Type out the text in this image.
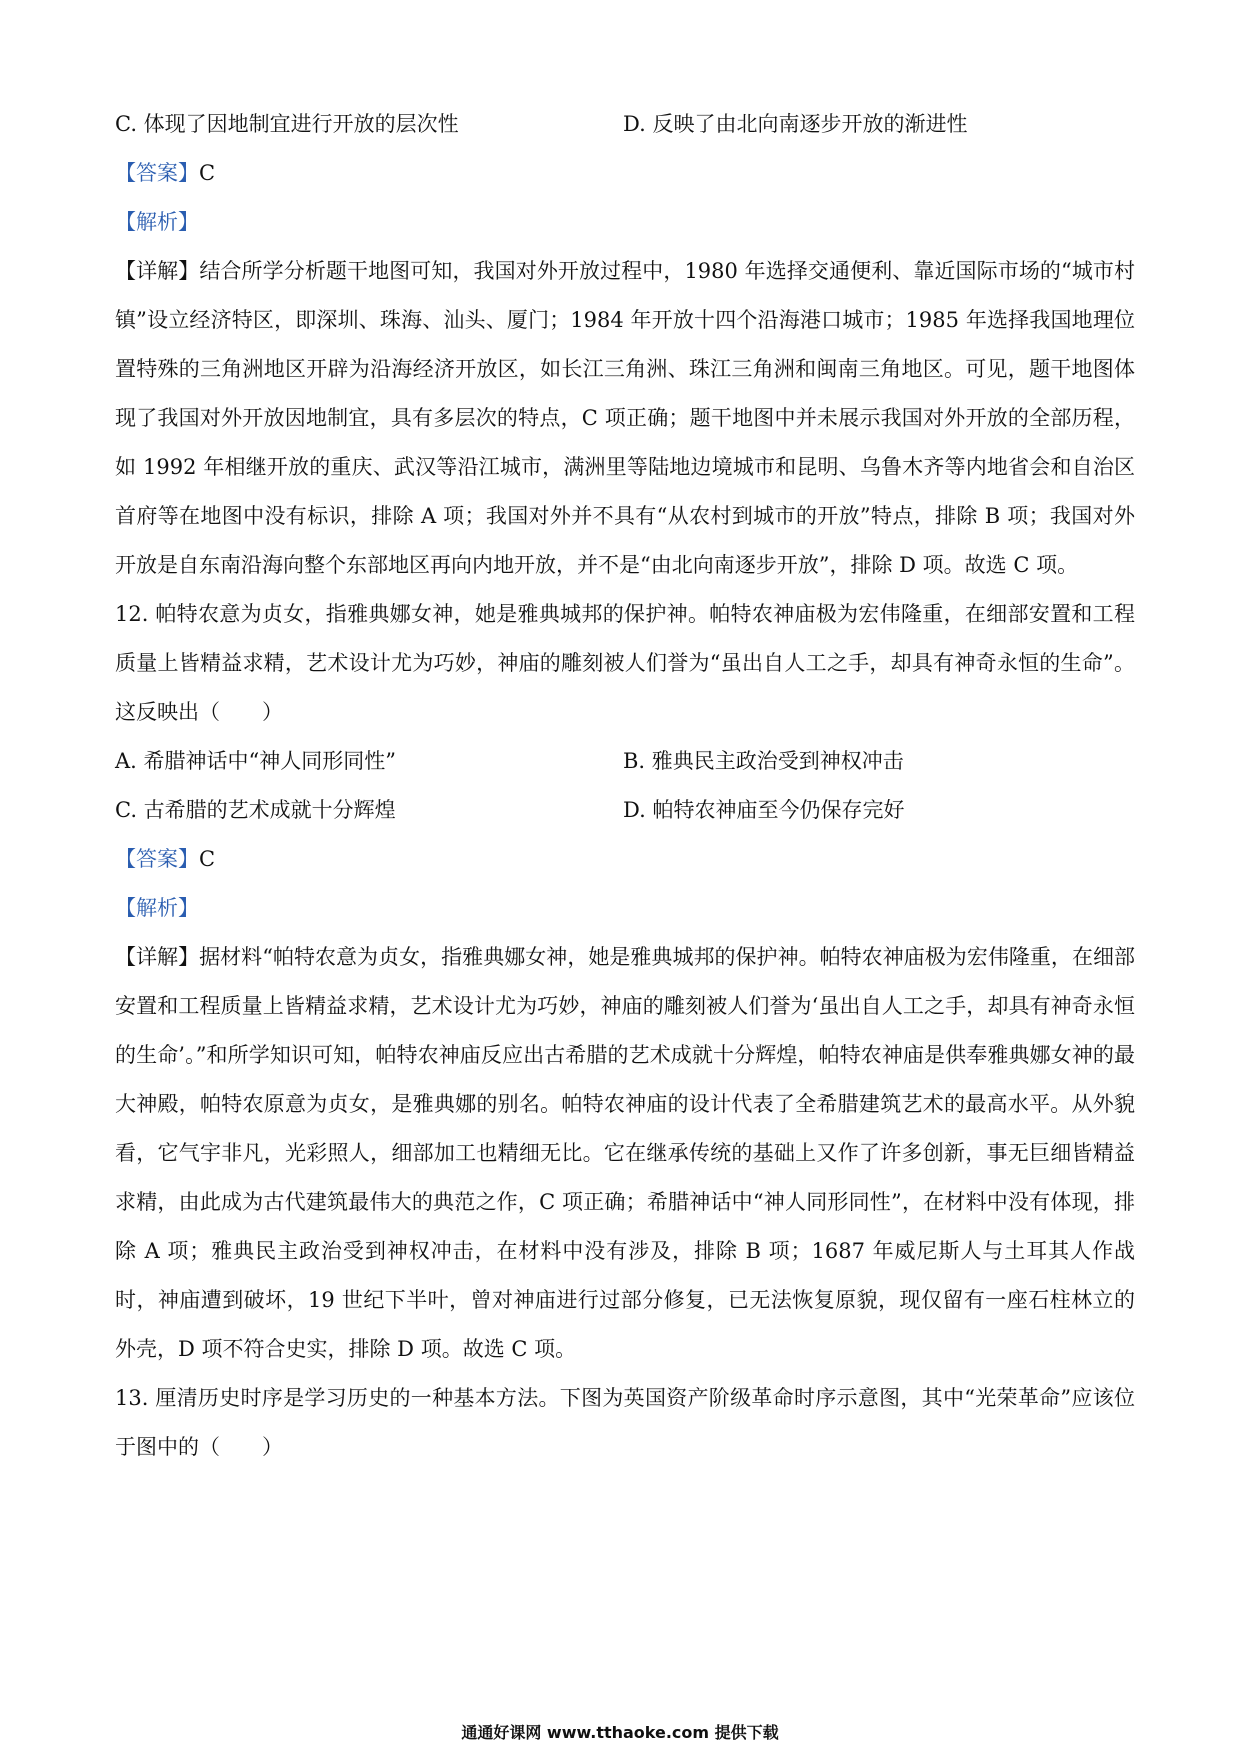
C. 体现了因地制宜进行开放的层次性	D. 反映了由北向南逐步开放的渐进性
【答案】C
【解析】
【详解】结合所学分析题干地图可知，我国对外开放过程中，1980 年选择交通便利、靠近国际市场的“城市村镇”设立经济特区，即深圳、珠海、汕头、厦门；1984 年开放十四个沿海港口城市；1985 年选择我国地理位置特殊的三角洲地区开辟为沿海经济开放区，如长江三角洲、珠江三角洲和闽南三角地区。可见，题干地图体现了我国对外开放因地制宜，具有多层次的特点，C 项正确；题干地图中并未展示我国对外开放的全部历程，如 1992 年相继开放的重庆、武汉等沿江城市，满洲里等陆地边境城市和昆明、乌鲁木齐等内地省会和自治区首府等在地图中没有标识，排除 A 项；我国对外并不具有“从农村到城市的开放”特点，排除 B 项；我国对外开放是自东南沿海向整个东部地区再向内地开放，并不是“由北向南逐步开放”，排除 D 项。故选 C 项。
12. 帕特农意为贞女，指雅典娜女神，她是雅典城邦的保护神。帕特农神庙极为宏伟隆重，在细部安置和工程质量上皆精益求精，艺术设计尤为巧妙，神庙的雕刻被人们誉为“虽出自人工之手，却具有神奇永恒的生命”。这反映出（　　）
A. 希腊神话中“神人同形同性”	B. 雅典民主政治受到神权冲击
C. 古希腊的艺术成就十分辉煌	D. 帕特农神庙至今仍保存完好
【答案】C
【解析】
【详解】据材料“帕特农意为贞女，指雅典娜女神，她是雅典城邦的保护神。帕特农神庙极为宏伟隆重，在细部安置和工程质量上皆精益求精，艺术设计尤为巧妙，神庙的雕刻被人们誉为‘虽出自人工之手，却具有神奇永恒的生命’。”和所学知识可知，帕特农神庙反应出古希腊的艺术成就十分辉煌，帕特农神庙是供奉雅典娜女神的最大神殿，帕特农原意为贞女，是雅典娜的别名。帕特农神庙的设计代表了全希腊建筑艺术的最高水平。从外貌看，它气宇非凡，光彩照人，细部加工也精细无比。它在继承传统的基础上又作了许多创新，事无巨细皆精益求精，由此成为古代建筑最伟大的典范之作，C 项正确；希腊神话中“神人同形同性”，在材料中没有体现，排除 A 项；雅典民主政治受到神权冲击，在材料中没有涉及，排除 B 项；1687 年威尼斯人与土耳其人作战时，神庙遭到破坏，19 世纪下半叶，曾对神庙进行过部分修复，已无法恢复原貌，现仅留有一座石柱林立的外壳，D 项不符合史实，排除 D 项。故选 C 项。
13. 厘清历史时序是学习历史的一种基本方法。下图为英国资产阶级革命时序示意图，其中“光荣革命”应该位于图中的（　　）
通通好课网 www.tthaoke.com 提供下载
